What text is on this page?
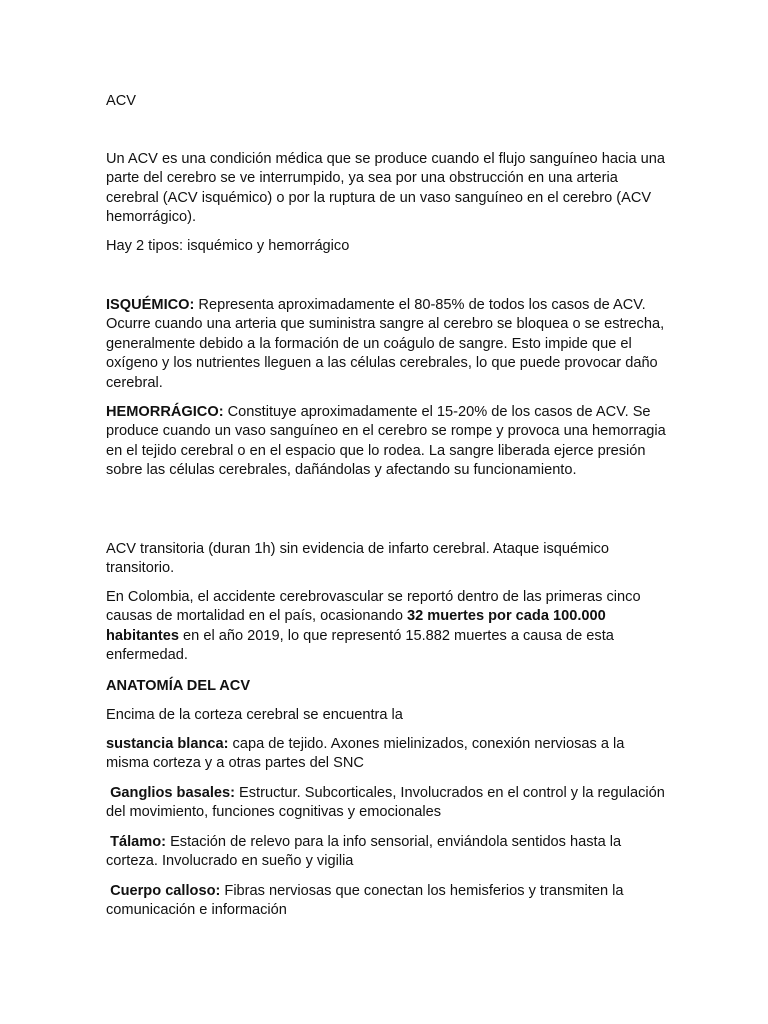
ACV

Un ACV es una condición médica que se produce cuando el flujo sanguíneo hacia una parte del cerebro se ve interrumpido, ya sea por una obstrucción en una arteria cerebral (ACV isquémico) o por la ruptura de un vaso sanguíneo en el cerebro (ACV hemorrágico).

Hay 2 tipos: isquémico y hemorrágico

ISQUÉMICO: Representa aproximadamente el 80-85% de todos los casos de ACV. Ocurre cuando una arteria que suministra sangre al cerebro se bloquea o se estrecha, generalmente debido a la formación de un coágulo de sangre. Esto impide que el oxígeno y los nutrientes lleguen a las células cerebrales, lo que puede provocar daño cerebral.

HEMORRÁGICO: Constituye aproximadamente el 15-20% de los casos de ACV. Se produce cuando un vaso sanguíneo en el cerebro se rompe y provoca una hemorragia en el tejido cerebral o en el espacio que lo rodea. La sangre liberada ejerce presión sobre las células cerebrales, dañándolas y afectando su funcionamiento.

ACV transitoria (duran 1h) sin evidencia de infarto cerebral. Ataque isquémico transitorio.

En Colombia, el accidente cerebrovascular se reportó dentro de las primeras cinco causas de mortalidad en el país, ocasionando 32 muertes por cada 100.000 habitantes en el año 2019, lo que representó 15.882 muertes a causa de esta enfermedad.

ANATOMÍA DEL ACV

Encima de la corteza cerebral se encuentra la

sustancia blanca: capa de tejido. Axones mielinizados, conexión nerviosas a la misma corteza y a otras partes del SNC

Ganglios basales: Estructur. Subcorticales, Involucrados en el control y la regulación del movimiento, funciones cognitivas y emocionales

Tálamo: Estación de relevo para la info sensorial, enviándola sentidos hasta la corteza. Involucrado en sueño y vigilia

Cuerpo calloso: Fibras nerviosas que conectan los hemisferios y transmiten la comunicación e información
